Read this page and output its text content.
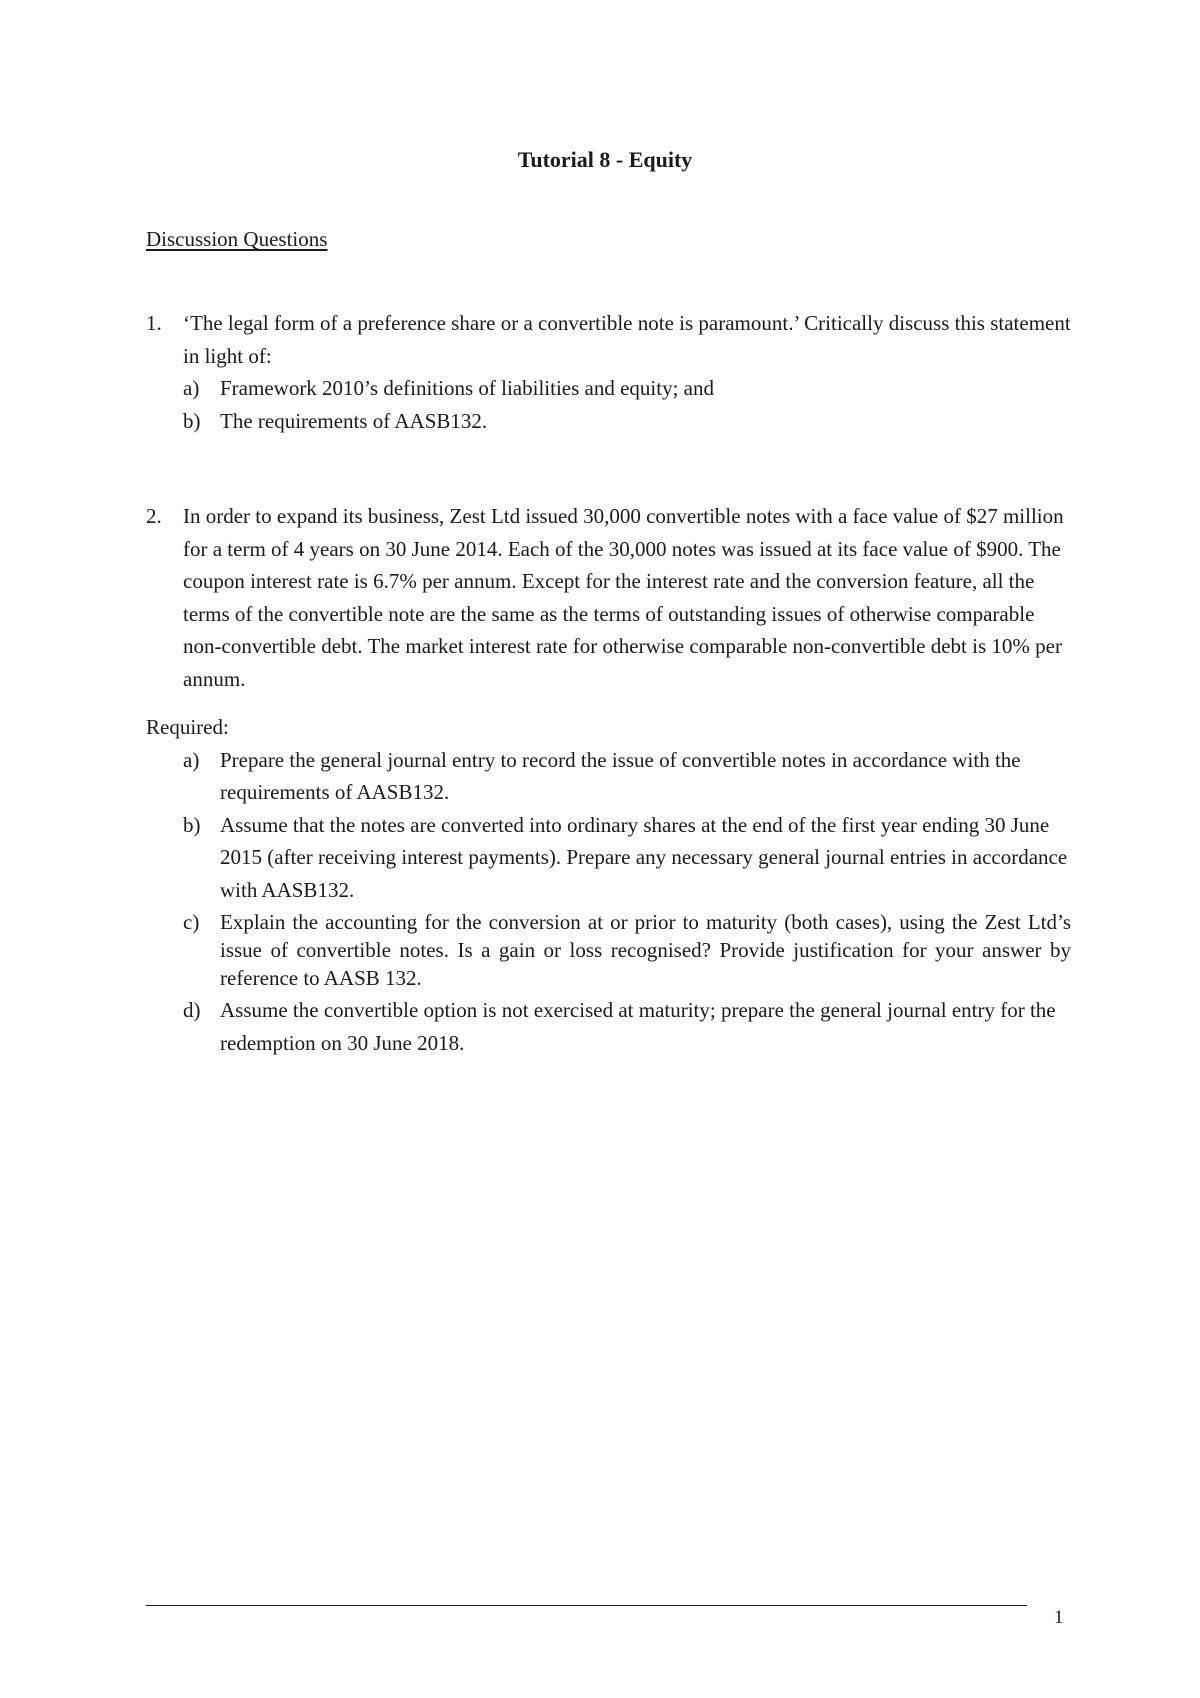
Tutorial 8 - Equity
Discussion Questions
1. ‘The legal form of a preference share or a convertible note is paramount.’ Critically discuss this statement in light of:
a) Framework 2010’s definitions of liabilities and equity; and
b) The requirements of AASB132.
2. In order to expand its business, Zest Ltd issued 30,000 convertible notes with a face value of $27 million for a term of 4 years on 30 June 2014. Each of the 30,000 notes was issued at its face value of $900. The coupon interest rate is 6.7% per annum. Except for the interest rate and the conversion feature, all the terms of the convertible note are the same as the terms of outstanding issues of otherwise comparable non-convertible debt. The market interest rate for otherwise comparable non-convertible debt is 10% per annum.
Required:
a) Prepare the general journal entry to record the issue of convertible notes in accordance with the requirements of AASB132.
b) Assume that the notes are converted into ordinary shares at the end of the first year ending 30 June 2015 (after receiving interest payments). Prepare any necessary general journal entries in accordance with AASB132.
c) Explain the accounting for the conversion at or prior to maturity (both cases), using the Zest Ltd’s issue of convertible notes. Is a gain or loss recognised? Provide justification for your answer by reference to AASB 132.
d) Assume the convertible option is not exercised at maturity; prepare the general journal entry for the redemption on 30 June 2018.
1
